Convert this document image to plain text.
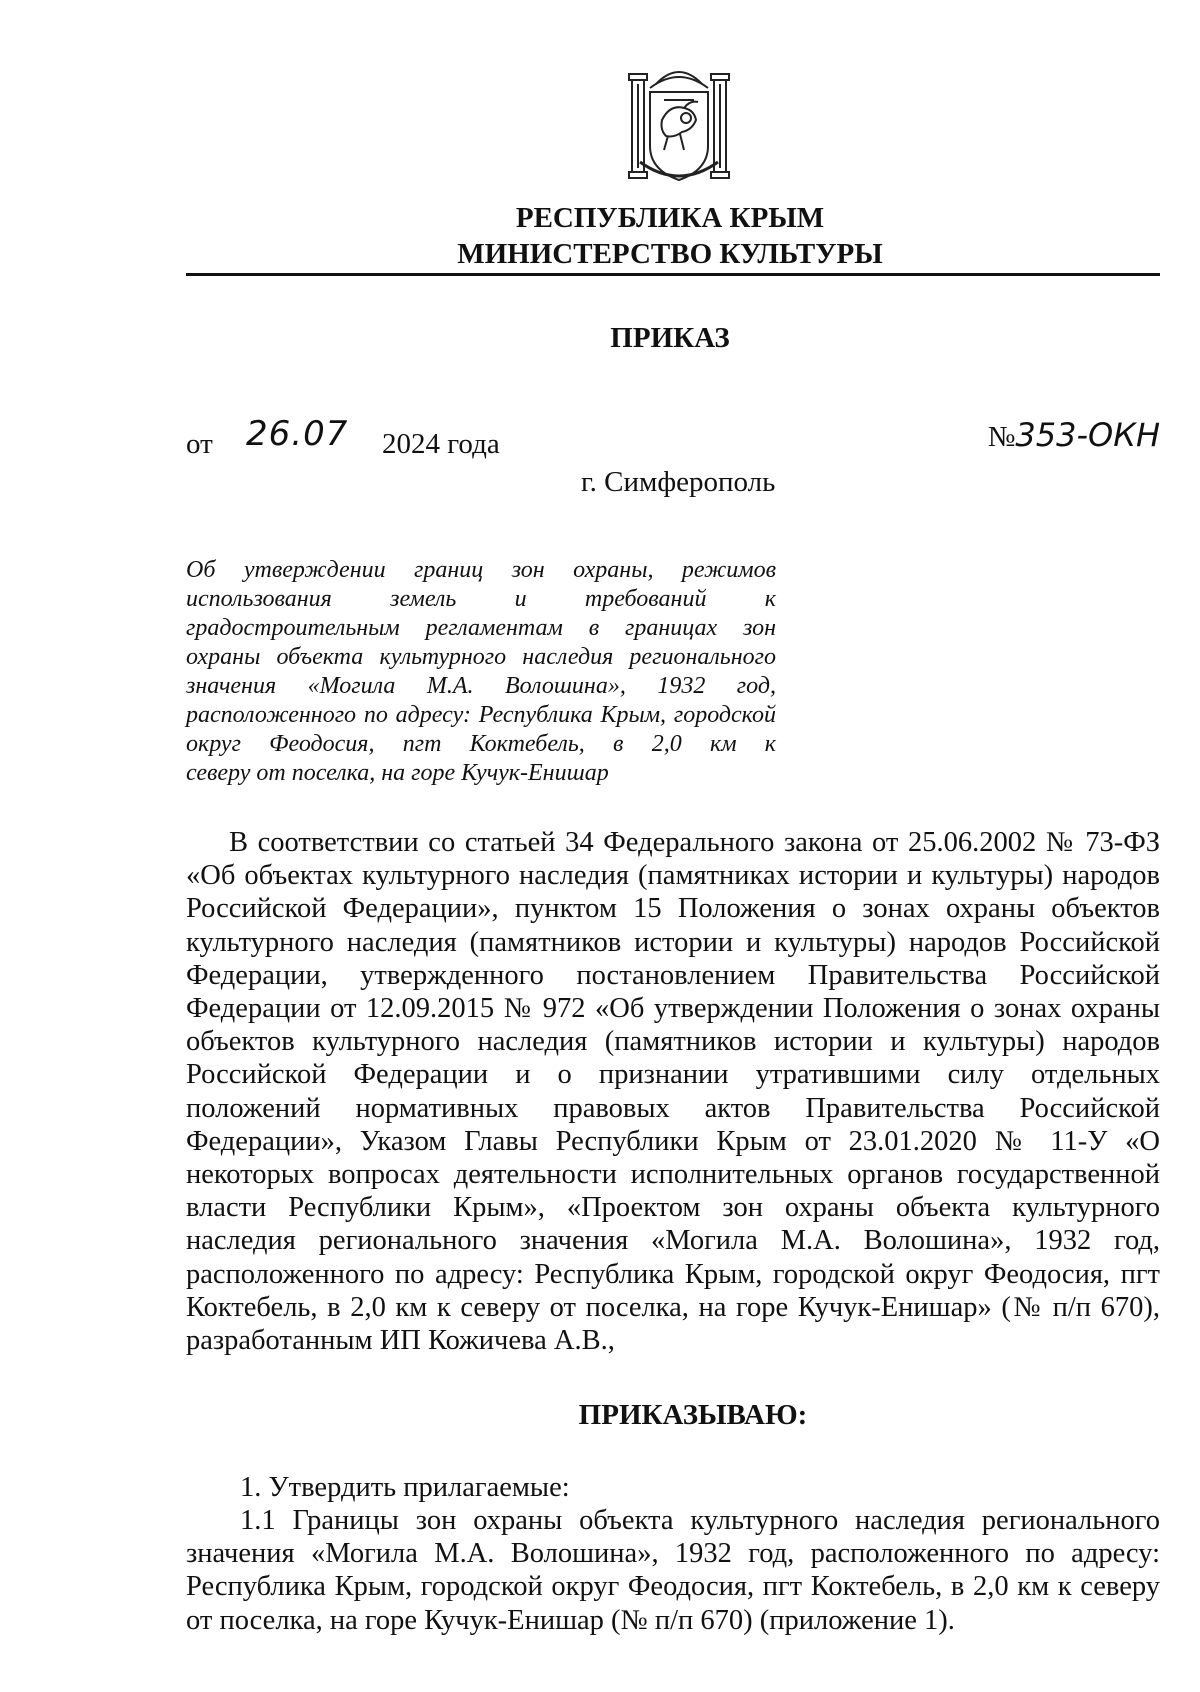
РЕСПУБЛИКА КРЫМ
МИНИСТЕРСТВО КУЛЬТУРЫ
ПРИКАЗ
от 26.07 2024 года	№353-ОКН
г. Симферополь
Об утверждении границ зон охраны, режимов использования земель и требований к градостроительным регламентам в границах зон охраны объекта культурного наследия регионального значения «Могила М.А. Волошина», 1932 год, расположенного по адресу: Республика Крым, городской округ Феодосия, пгт Коктебель, в 2,0 км к
северу от поселка, на горе Кучук-Енишар
В соответствии со статьей 34 Федерального закона от 25.06.2002 № 73-ФЗ «Об объектах культурного наследия (памятниках истории и культуры) народов Российской Федерации», пунктом 15 Положения о зонах охраны объектов культурного наследия (памятников истории и культуры) народов Российской Федерации, утвержденного постановлением Правительства Российской Федерации от 12.09.2015 № 972 «Об утверждении Положения о зонах охраны объектов культурного наследия (памятников истории и культуры) народов Российской Федерации и о признании утратившими силу отдельных положений нормативных правовых актов Правительства Российской Федерации», Указом Главы Республики Крым от 23.01.2020 № 11-У «О некоторых вопросах деятельности исполнительных органов государственной власти Республики Крым», «Проектом зон охраны объекта культурного наследия регионального значения «Могила М.А. Волошина», 1932 год, расположенного по адресу: Республика Крым, городской округ Феодосия, пгт Коктебель, в 2,0 км к северу от поселка, на горе Кучук-Енишар» (№ п/п 670), разработанным ИП Кожичева А.В.,
ПРИКАЗЫВАЮ:
1. Утвердить прилагаемые:
1.1 Границы зон охраны объекта культурного наследия регионального значения «Могила М.А. Волошина», 1932 год, расположенного по адресу: Республика Крым, городской округ Феодосия, пгт Коктебель, в 2,0 км к северу от поселка, на горе Кучук-Енишар (№ п/п 670) (приложение 1).
